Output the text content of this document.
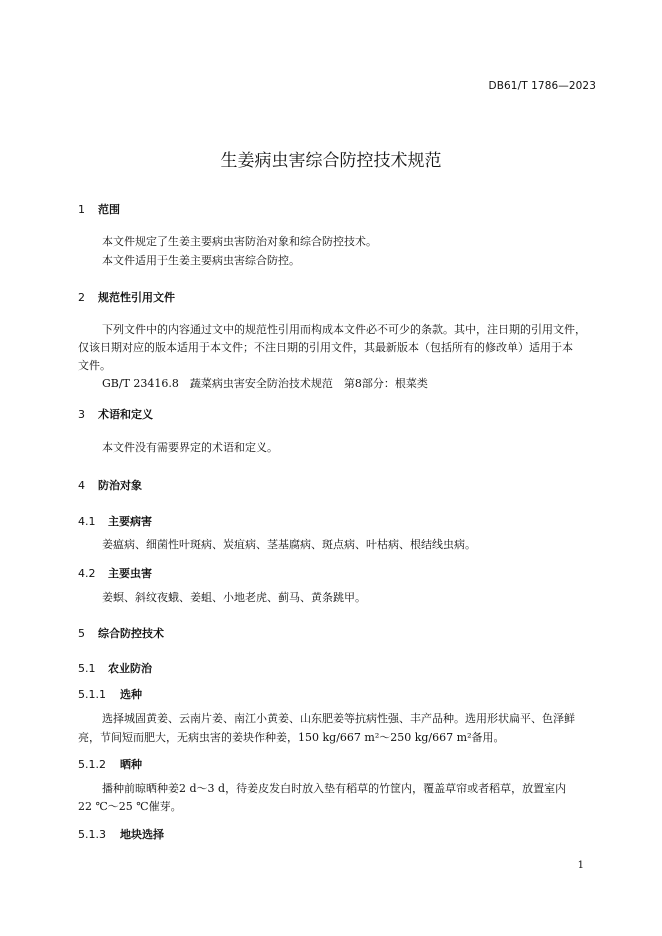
DB61/T 1786—2023
生姜病虫害综合防控技术规范
1 范围
本文件规定了生姜主要病虫害防治对象和综合防控技术。
本文件适用于生姜主要病虫害综合防控。
2 规范性引用文件
下列文件中的内容通过文中的规范性引用而构成本文件必不可少的条款。其中，注日期的引用文件，
仅该日期对应的版本适用于本文件；不注日期的引用文件，其最新版本（包括所有的修改单）适用于本
文件。
GB/T 23416.8　蔬菜病虫害安全防治技术规范　第8部分：根菜类
3 术语和定义
本文件没有需要界定的术语和定义。
4 防治对象
4.1 主要病害
姜瘟病、细菌性叶斑病、炭疽病、茎基腐病、斑点病、叶枯病、根结线虫病。
4.2 主要虫害
姜螟、斜纹夜蛾、姜蛆、小地老虎、蓟马、黄条跳甲。
5 综合防控技术
5.1 农业防治
5.1.1 选种
选择城固黄姜、云南片姜、南江小黄姜、山东肥姜等抗病性强、丰产品种。选用形状扁平、色泽鲜
亮，节间短而肥大，无病虫害的姜块作种姜，150 kg/667 m²～250 kg/667 m²备用。
5.1.2 晒种
播种前晾晒种姜2 d～3 d，待姜皮发白时放入垫有稻草的竹筐内，覆盖草帘或者稻草，放置室内
22 ℃～25 ℃催芽。
5.1.3 地块选择
1
